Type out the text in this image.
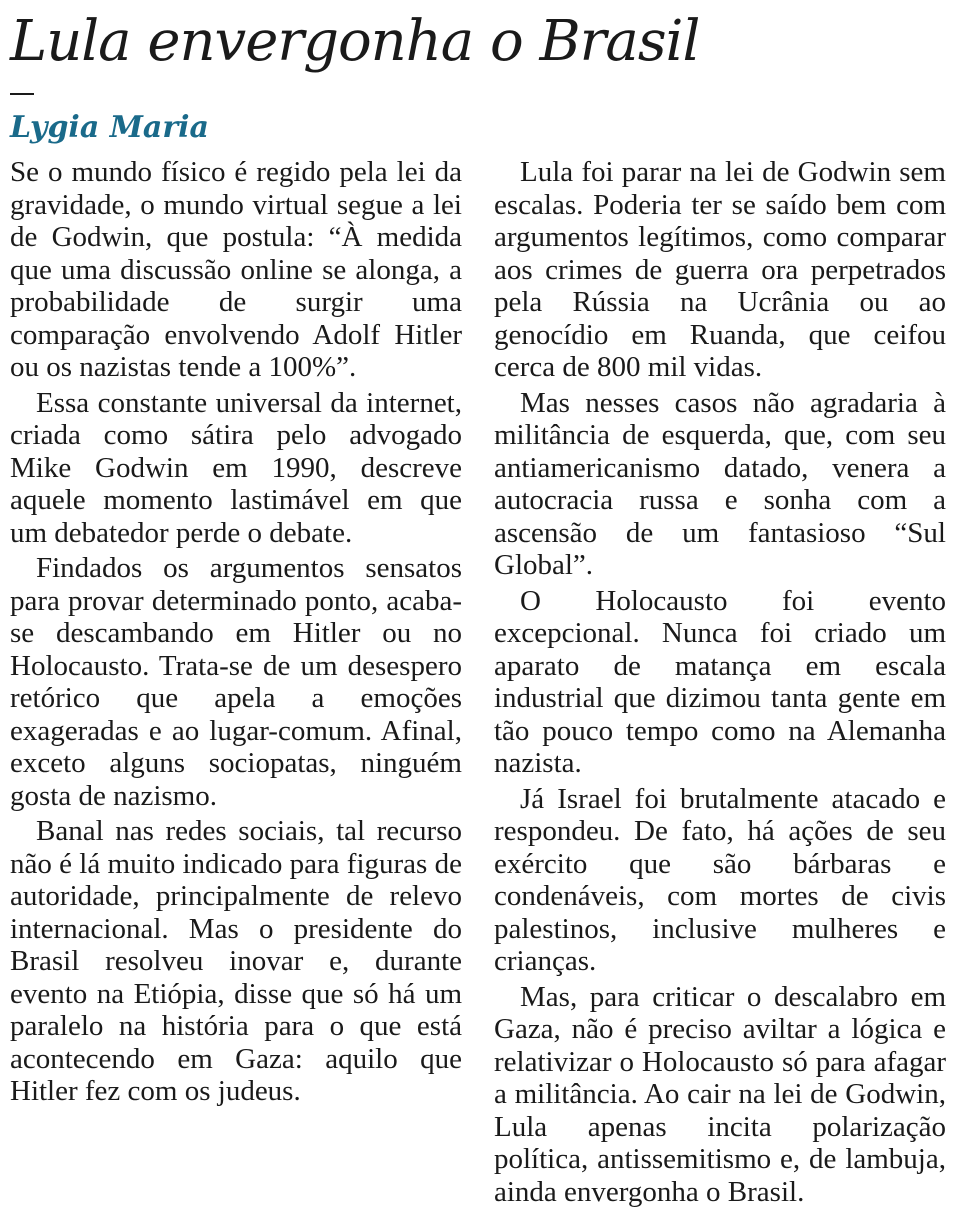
Lula envergonha o Brasil
Lygia Maria

Se o mundo físico é regido pela lei da gravidade, o mundo virtual segue a lei de Godwin, que postula: “À medida que uma discussão online se alonga, a probabilidade de surgir uma comparação envolvendo Adolf Hitler ou os nazistas tende a 100%”.

Essa constante universal da internet, criada como sátira pelo advogado Mike Godwin em 1990, descreve aquele momento lastimável em que um debatedor perde o debate.

Findados os argumentos sensatos para provar determinado ponto, acaba-se descambando em Hitler ou no Holocausto. Trata-se de um desespero retórico que apela a emoções exageradas e ao lugar-comum. Afinal, exceto alguns sociopatas, ninguém gosta de nazismo.

Banal nas redes sociais, tal recurso não é lá muito indicado para figuras de autoridade, principalmente de relevo internacional. Mas o presidente do Brasil resolveu inovar e, durante evento na Etiópia, disse que só há um paralelo na história para o que está acontecendo em Gaza: aquilo que Hitler fez com os judeus.

Lula foi parar na lei de Godwin sem escalas. Poderia ter se saído bem com argumentos legítimos, como comparar aos crimes de guerra ora perpetrados pela Rússia na Ucrânia ou ao genocídio em Ruanda, que ceifou cerca de 800 mil vidas.

Mas nesses casos não agradaria à militância de esquerda, que, com seu antiamericanismo datado, venera a autocracia russa e sonha com a ascensão de um fantasioso “Sul Global”.

O Holocausto foi evento excepcional. Nunca foi criado um aparato de matança em escala industrial que dizimou tanta gente em tão pouco tempo como na Alemanha nazista.

Já Israel foi brutalmente atacado e respondeu. De fato, há ações de seu exército que são bárbaras e condenáveis, com mortes de civis palestinos, inclusive mulheres e crianças.

Mas, para criticar o descalabro em Gaza, não é preciso aviltar a lógica e relativizar o Holocausto só para afagar a militância. Ao cair na lei de Godwin, Lula apenas incita polarização política, antissemitismo e, de lambuja, ainda envergonha o Brasil.
